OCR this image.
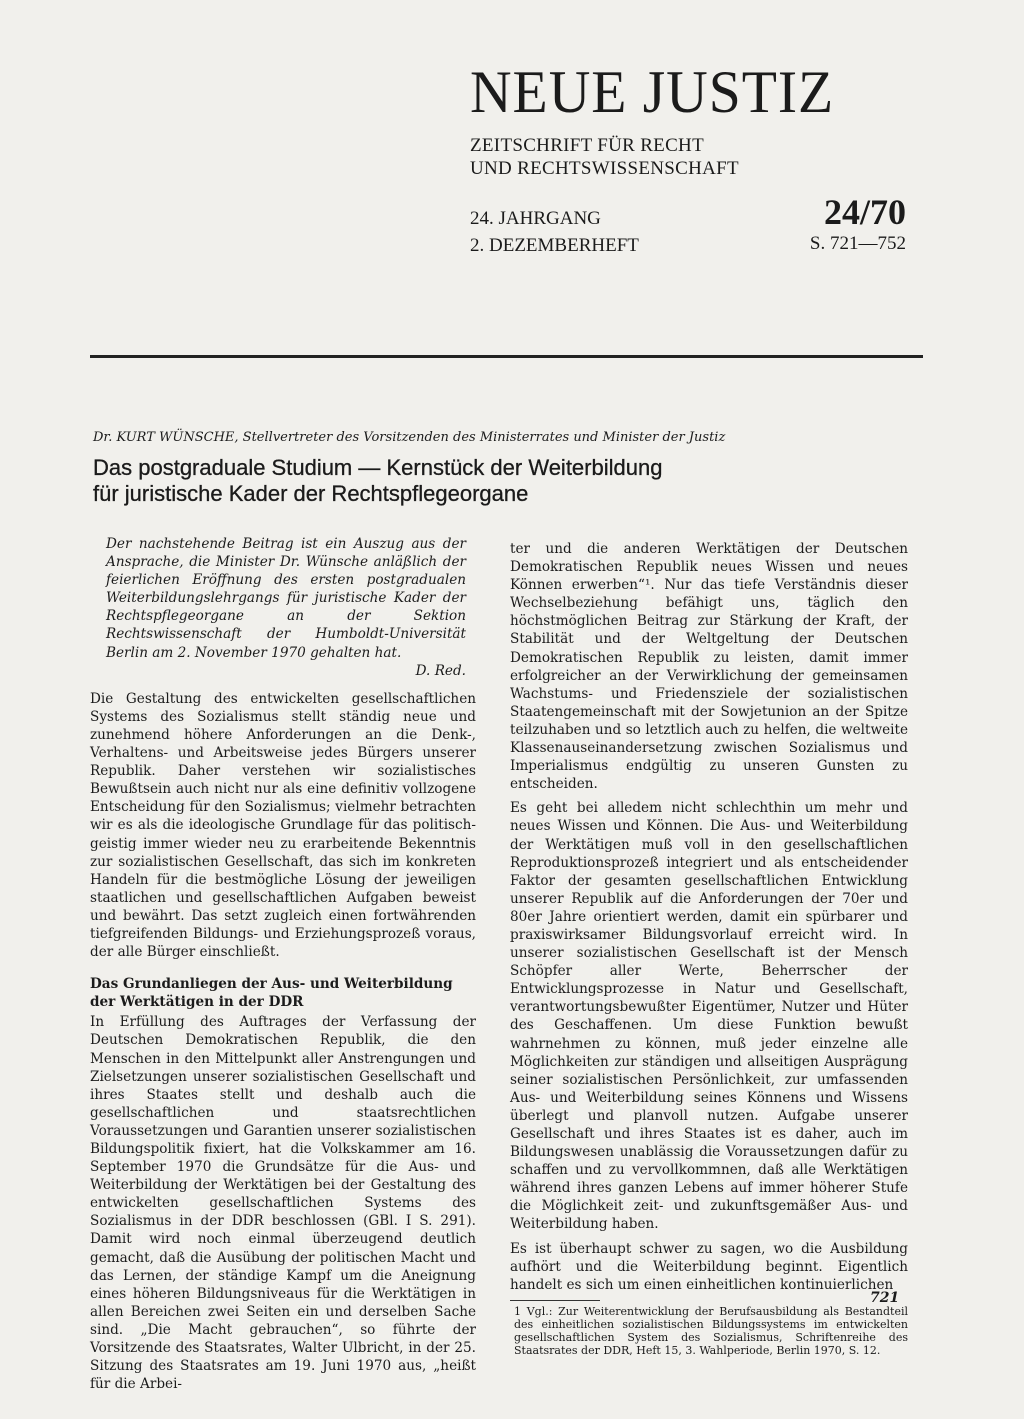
NEUE JUSTIZ
ZEITSCHRIFT FÜR RECHT
UND RECHTSWISSENSCHAFT
24. JAHRGANG
2. DEZEMBERHEFT
24/70
S. 721—752
Dr. KURT WÜNSCHE, Stellvertreter des Vorsitzenden des Ministerrates und Minister der Justiz
Das postgraduale Studium — Kernstück der Weiterbildung
für juristische Kader der Rechtspflegeorgane

Der nachstehende Beitrag ist ein Auszug aus der Ansprache, die Minister Dr. Wünsche anläßlich der feierlichen Eröffnung des ersten postgradualen Weiterbildungslehrgangs für juristische Kader der Rechtspflegeorgane an der Sektion Rechtswissenschaft der Humboldt-Universität Berlin am 2. November 1970 gehalten hat.
D. Red.

Die Gestaltung des entwickelten gesellschaftlichen Systems des Sozialismus stellt ständig neue und zunehmend höhere Anforderungen an die Denk-, Verhaltens- und Arbeitsweise jedes Bürgers unserer Republik. Daher verstehen wir sozialistisches Bewußtsein auch nicht nur als eine definitiv vollzogene Entscheidung für den Sozialismus; vielmehr betrachten wir es als die ideologische Grundlage für das politisch-geistig immer wieder neu zu erarbeitende Bekenntnis zur sozialistischen Gesellschaft, das sich im konkreten Handeln für die bestmögliche Lösung der jeweiligen staatlichen und gesellschaftlichen Aufgaben beweist und bewährt. Das setzt zugleich einen fortwährenden tiefgreifenden Bildungs- und Erziehungsprozeß voraus, der alle Bürger einschließt.

Das Grundanliegen der Aus- und Weiterbildung
der Werktätigen in der DDR

In Erfüllung des Auftrages der Verfassung der Deutschen Demokratischen Republik, die den Menschen in den Mittelpunkt aller Anstrengungen und Zielsetzungen unserer sozialistischen Gesellschaft und ihres Staates stellt und deshalb auch die gesellschaftlichen und staatsrechtlichen Voraussetzungen und Garantien unserer sozialistischen Bildungspolitik fixiert, hat die Volkskammer am 16. September 1970 die Grundsätze für die Aus- und Weiterbildung der Werktätigen bei der Gestaltung des entwickelten gesellschaftlichen Systems des Sozialismus in der DDR beschlossen (GBl. I S. 291). Damit wird noch einmal überzeugend deutlich gemacht, daß die Ausübung der politischen Macht und das Lernen, der ständige Kampf um die Aneignung eines höheren Bildungsniveaus für die Werktätigen in allen Bereichen zwei Seiten ein und derselben Sache sind. „Die Macht gebrauchen“, so führte der Vorsitzende des Staatsrates, Walter Ulbricht, in der 25. Sitzung des Staatsrates am 19. Juni 1970 aus, „heißt für die Arbei-

ter und die anderen Werktätigen der Deutschen Demokratischen Republik neues Wissen und neues Können erwerben“¹. Nur das tiefe Verständnis dieser Wechselbeziehung befähigt uns, täglich den höchstmöglichen Beitrag zur Stärkung der Kraft, der Stabilität und der Weltgeltung der Deutschen Demokratischen Republik zu leisten, damit immer erfolgreicher an der Verwirklichung der gemeinsamen Wachstums- und Friedensziele der sozialistischen Staatengemeinschaft mit der Sowjetunion an der Spitze teilzuhaben und so letztlich auch zu helfen, die weltweite Klassenauseinandersetzung zwischen Sozialismus und Imperialismus endgültig zu unseren Gunsten zu entscheiden.

Es geht bei alledem nicht schlechthin um mehr und neues Wissen und Können. Die Aus- und Weiterbildung der Werktätigen muß voll in den gesellschaftlichen Reproduktionsprozeß integriert und als entscheidender Faktor der gesamten gesellschaftlichen Entwicklung unserer Republik auf die Anforderungen der 70er und 80er Jahre orientiert werden, damit ein spürbarer und praxiswirksamer Bildungsvorlauf erreicht wird. In unserer sozialistischen Gesellschaft ist der Mensch Schöpfer aller Werte, Beherrscher der Entwicklungsprozesse in Natur und Gesellschaft, verantwortungsbewußter Eigentümer, Nutzer und Hüter des Geschaffenen. Um diese Funktion bewußt wahrnehmen zu können, muß jeder einzelne alle Möglichkeiten zur ständigen und allseitigen Ausprägung seiner sozialistischen Persönlichkeit, zur umfassenden Aus- und Weiterbildung seines Könnens und Wissens überlegt und planvoll nutzen. Aufgabe unserer Gesellschaft und ihres Staates ist es daher, auch im Bildungswesen unablässig die Voraussetzungen dafür zu schaffen und zu vervollkommnen, daß alle Werktätigen während ihres ganzen Lebens auf immer höherer Stufe die Möglichkeit zeit- und zukunftsgemäßer Aus- und Weiterbildung haben.

Es ist überhaupt schwer zu sagen, wo die Ausbildung aufhört und die Weiterbildung beginnt. Eigentlich handelt es sich um einen einheitlichen kontinuierlichen

1 Vgl.: Zur Weiterentwicklung der Berufsausbildung als Bestandteil des einheitlichen sozialistischen Bildungssystems im entwickelten gesellschaftlichen System des Sozialismus, Schriftenreihe des Staatsrates der DDR, Heft 15, 3. Wahlperiode, Berlin 1970, S. 12.

721
